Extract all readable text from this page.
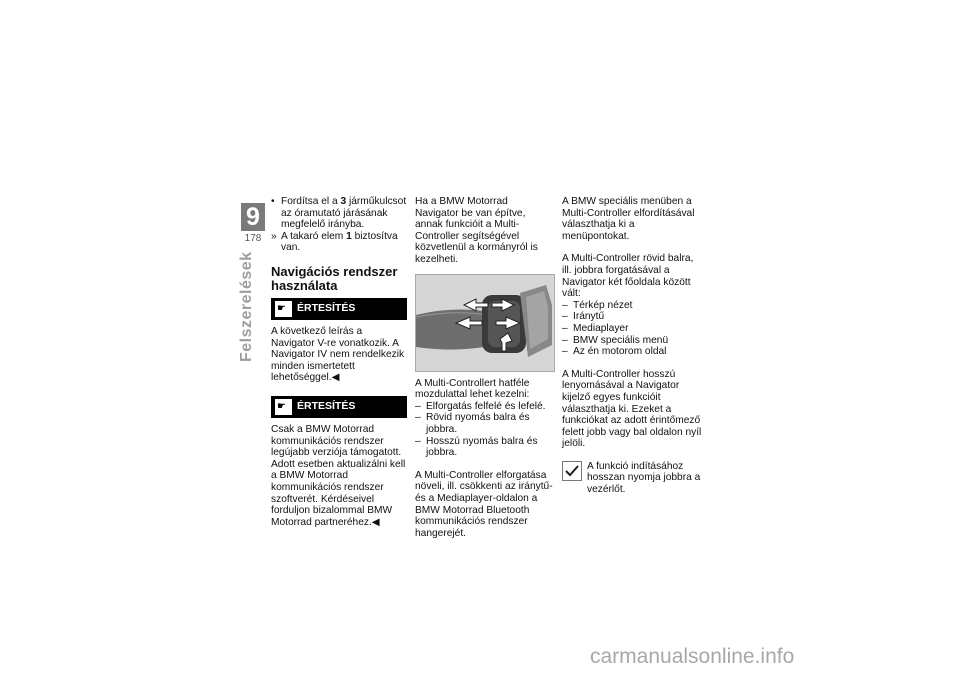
9
178
Felszerelések

• Fordítsa el a 3 járműkulcsot az óramutató járásának megfelelő irányba.

» A takaró elem 1 biztosítva van.

Navigációs rendszer használata
☛ ÉRTESÍTÉS

A következő leírás a Navigator V-re vonatkozik. A Navigator IV nem rendelkezik minden ismertetett lehetőséggel.◀

☛ ÉRTESÍTÉS

Csak a BMW Motorrad kommunikációs rendszer legújabb verziója támogatott. Adott esetben aktualizálni kell a BMW Motorrad kommunikációs rendszer szoftverét. Kérdéseivel forduljon bizalommal BMW Motorrad partneréhez.◀

Ha a BMW Motorrad Navigator be van építve, annak funkcióit a Multi-Controller segítségével közvetlenül a kormányról is kezelheti.

A Multi-Controllert hatféle mozdulattal lehet kezelni:

– Elforgatás felfelé és lefelé.

– Rövid nyomás balra és jobbra.

– Hosszú nyomás balra és jobbra.

A Multi-Controller elforgatása növeli, ill. csökkenti az iránytű- és a Mediaplayer-oldalon a BMW Motorrad Bluetooth kommunikációs rendszer hangerejét.

A BMW speciális menüben a Multi-Controller elfordításával választhatja ki a menüpontokat.

A Multi-Controller rövid balra, ill. jobbra forgatásával a Navigator két főoldala között vált:

– Térkép nézet

– Iránytű

– Mediaplayer

– BMW speciális menü

– Az én motorom oldal

A Multi-Controller hosszú lenyomásával a Navigator kijelző egyes funkcióit választhatja ki. Ezeket a funkciókat az adott érintőmező felett jobb vagy bal oldalon nyíl jelöli.

A funkció indításához hosszan nyomja jobbra a vezérlőt.

carmanualsonline.info
